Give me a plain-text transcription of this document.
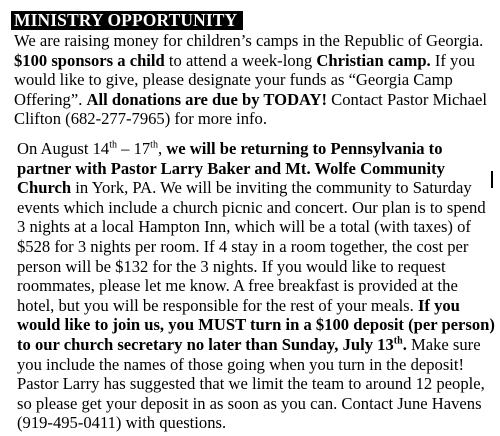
MINISTRY OPPORTUNITY

We are raising money for children’s camps in the Republic of Georgia. $100 sponsors a child to attend a week-long Christian camp. If you would like to give, please designate your funds as “Georgia Camp Offering”. All donations are due by TODAY! Contact Pastor Michael Clifton (682-277-7965) for more info.

On August 14th – 17th, we will be returning to Pennsylvania to partner with Pastor Larry Baker and Mt. Wolfe Community Church in York, PA. We will be inviting the community to Saturday events which include a church picnic and concert. Our plan is to spend 3 nights at a local Hampton Inn, which will be a total (with taxes) of $528 for 3 nights per room. If 4 stay in a room together, the cost per person will be $132 for the 3 nights. If you would like to request roommates, please let me know. A free breakfast is provided at the hotel, but you will be responsible for the rest of your meals. If you would like to join us, you MUST turn in a $100 deposit (per person) to our church secretary no later than Sunday, July 13th. Make sure you include the names of those going when you turn in the deposit! Pastor Larry has suggested that we limit the team to around 12 people, so please get your deposit in as soon as you can. Contact June Havens (919-495-0411) with questions.
